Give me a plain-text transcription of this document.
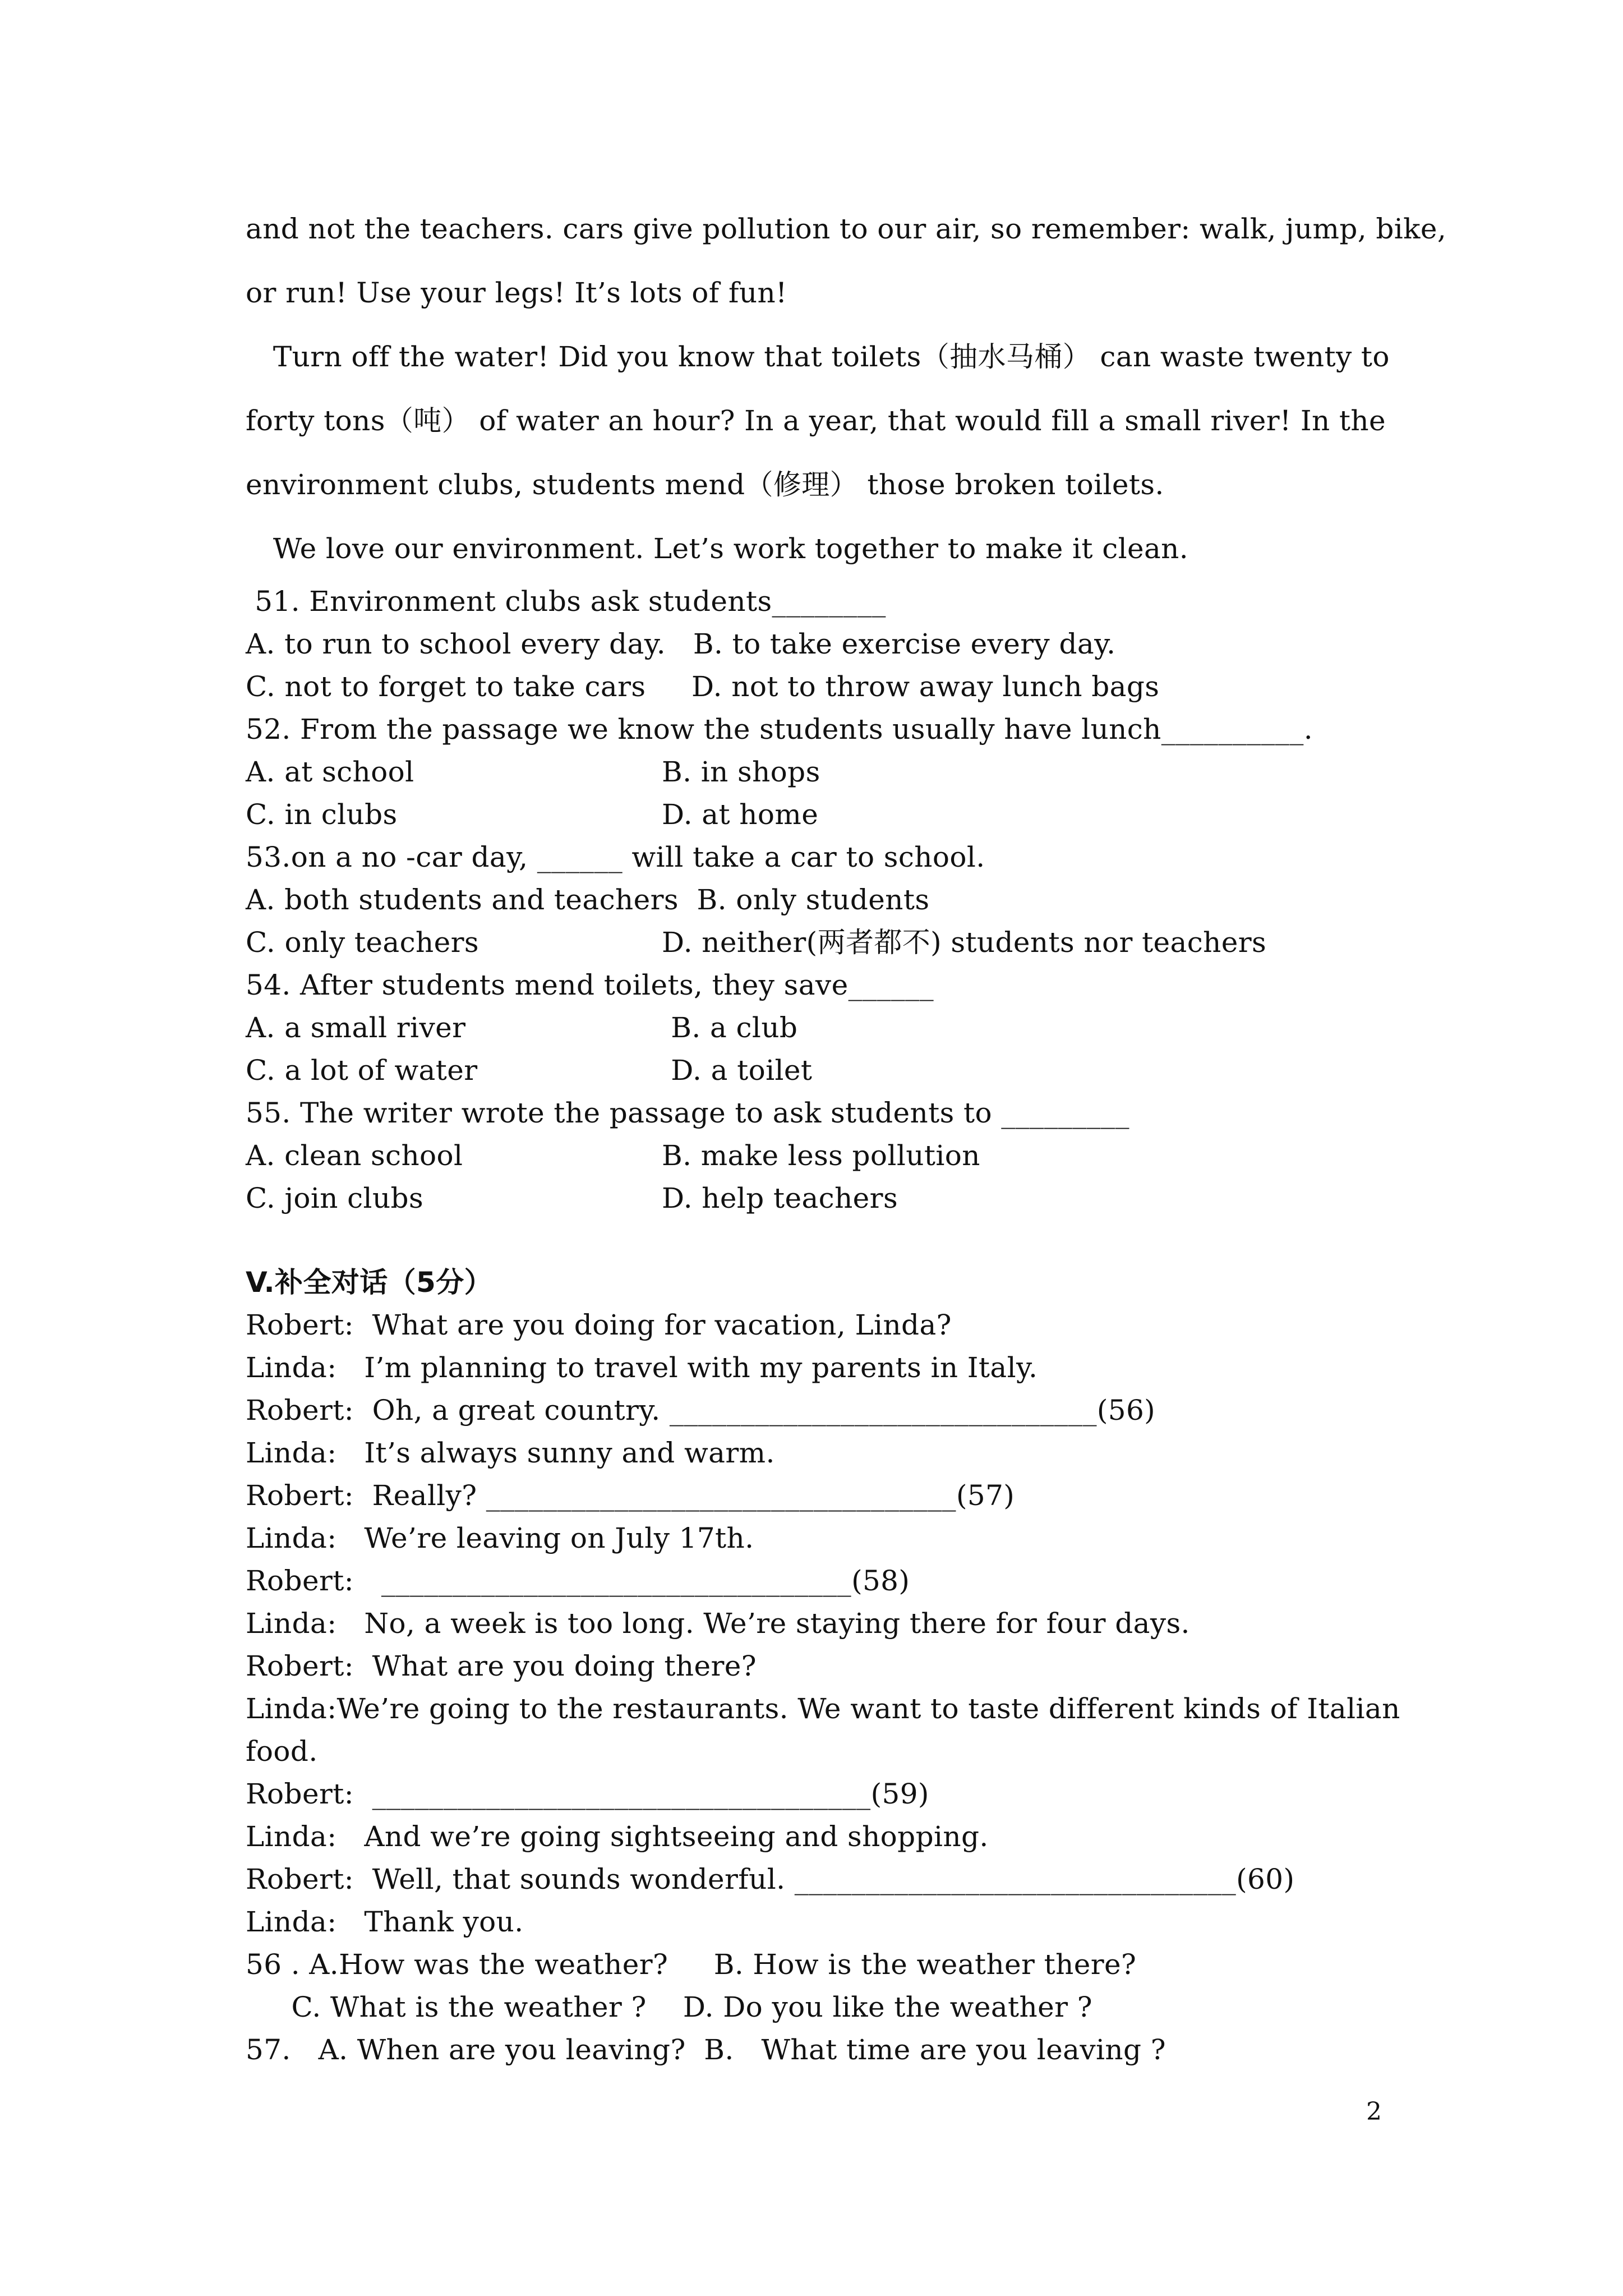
and not the teachers. cars give pollution to our air, so remember: walk, jump, bike,
or run! Use your legs! It’s lots of fun!
Turn off the water! Did you know that toilets（抽水马桶） can waste twenty to
forty tons（吨） of water an hour? In a year, that would fill a small river! In the
environment clubs, students mend（修理） those broken toilets.
We love our environment. Let’s work together to make it clean.
51. Environment clubs ask students________
A. to run to school every day.   B. to take exercise every day.
C. not to forget to take cars     D. not to throw away lunch bags
52. From the passage we know the students usually have lunch__________.
A. at school	B. in shops
C. in clubs	D. at home
53.on a no -car day, ______ will take a car to school.
A. both students and teachers  B. only students
C. only teachers	D. neither(两者都不) students nor teachers
54. After students mend toilets, they save______
A. a small river	B. a club
C. a lot of water	D. a toilet
55. The writer wrote the passage to ask students to _________
A. clean school	B. make less pollution
C. join clubs	D. help teachers
V.补全对话（5分）
Robert:  What are you doing for vacation, Linda?
Linda:   I’m planning to travel with my parents in Italy.
Robert:  Oh, a great country. ______________________________(56)
Linda:   It’s always sunny and warm.
Robert:  Really? _________________________________(57)
Linda:   We’re leaving on July 17th.
Robert:   _________________________________(58)
Linda:   No, a week is too long. We’re staying there for four days.
Robert:  What are you doing there?
Linda:We’re going to the restaurants. We want to taste different kinds of Italian
food.
Robert:  ___________________________________(59)
Linda:   And we’re going sightseeing and shopping.
Robert:  Well, that sounds wonderful. _______________________________(60)
Linda:   Thank you.
56 . A.How was the weather?     B. How is the weather there?
C. What is the weather ?    D. Do you like the weather ?
57.   A. When are you leaving?  B.   What time are you leaving ?
2
